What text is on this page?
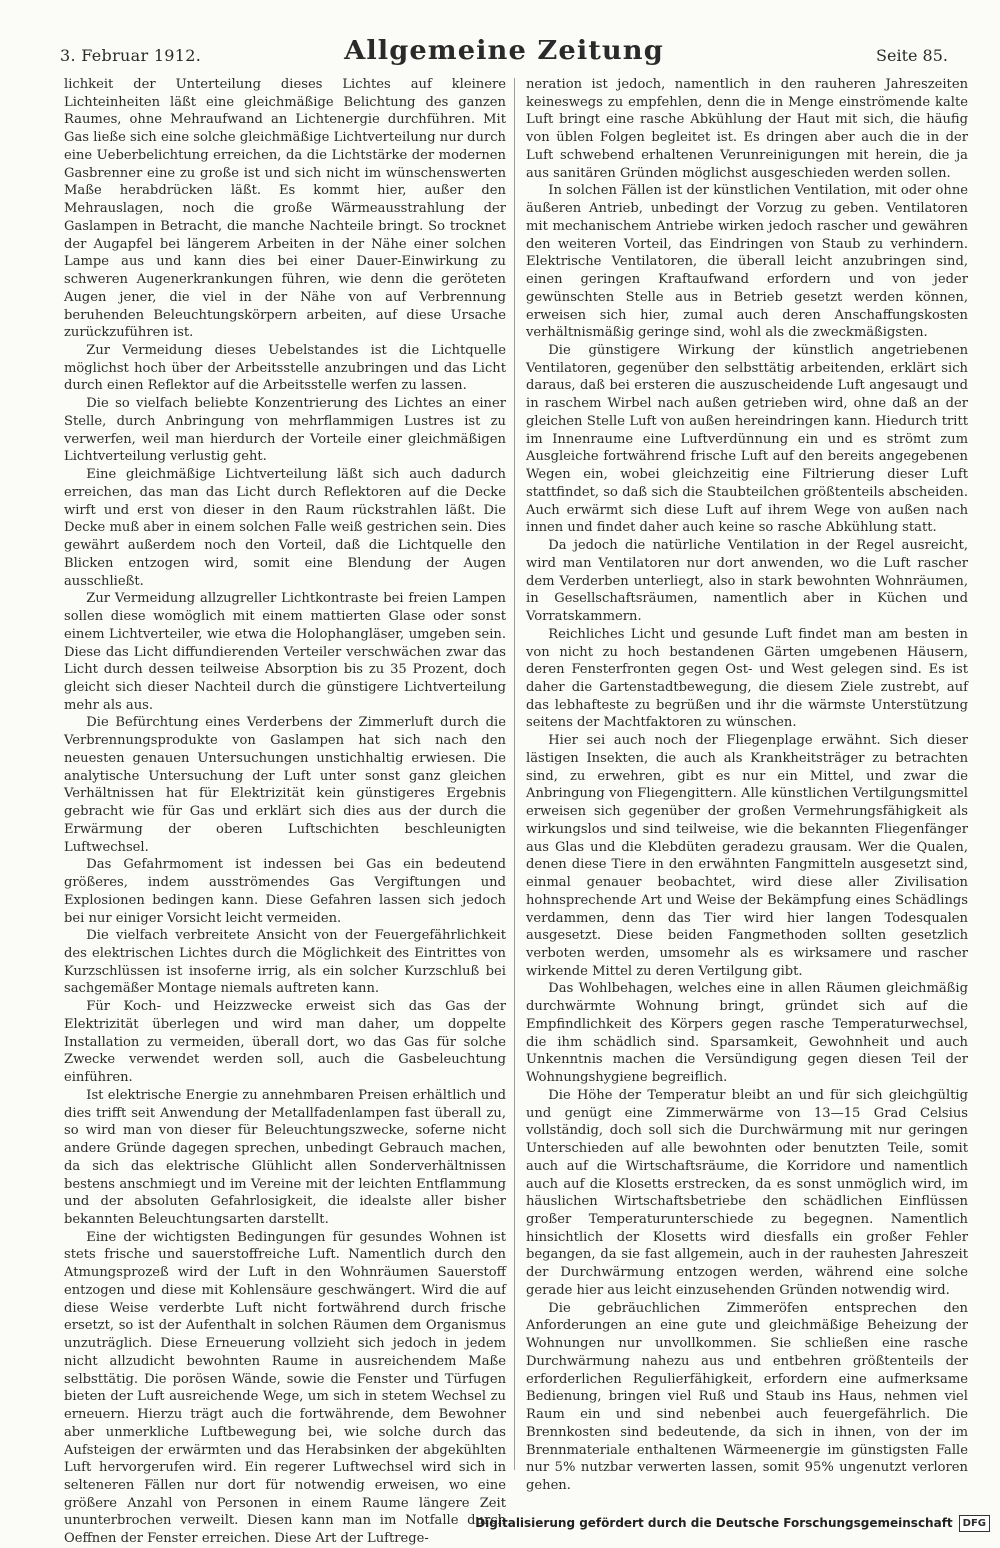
3. Februar 1912.	Allgemeine Zeitung	Seite 85.

lichkeit der Unterteilung dieses Lichtes auf kleinere Lichteinheiten läßt eine gleichmäßige Belichtung des ganzen Raumes, ohne Mehraufwand an Lichtenergie durchführen. Mit Gas ließe sich eine solche gleichmäßige Lichtverteilung nur durch eine Ueberbelichtung erreichen, da die Lichtstärke der modernen Gasbrenner eine zu große ist und sich nicht im wünschenswerten Maße herabdrücken läßt. Es kommt hier, außer den Mehrauslagen, noch die große Wärmeausstrahlung der Gaslampen in Betracht, die manche Nachteile bringt. So trocknet der Augapfel bei längerem Arbeiten in der Nähe einer solchen Lampe aus und kann dies bei einer Dauer-Einwirkung zu schweren Augenerkrankungen führen, wie denn die geröteten Augen jener, die viel in der Nähe von auf Verbrennung beruhenden Beleuchtungskörpern arbeiten, auf diese Ursache zurückzuführen ist.

Zur Vermeidung dieses Uebelstandes ist die Lichtquelle möglichst hoch über der Arbeitsstelle anzubringen und das Licht durch einen Reflektor auf die Arbeitsstelle werfen zu lassen.

Die so vielfach beliebte Konzentrierung des Lichtes an einer Stelle, durch Anbringung von mehrflammigen Lustres ist zu verwerfen, weil man hierdurch der Vorteile einer gleichmäßigen Lichtverteilung verlustig geht.

Eine gleichmäßige Lichtverteilung läßt sich auch dadurch erreichen, das man das Licht durch Reflektoren auf die Decke wirft und erst von dieser in den Raum rückstrahlen läßt. Die Decke muß aber in einem solchen Falle weiß gestrichen sein. Dies gewährt außerdem noch den Vorteil, daß die Lichtquelle den Blicken entzogen wird, somit eine Blendung der Augen ausschließt.

Zur Vermeidung allzugreller Lichtkontraste bei freien Lampen sollen diese womöglich mit einem mattierten Glase oder sonst einem Lichtverteiler, wie etwa die Holophangläser, umgeben sein. Diese das Licht diffundierenden Verteiler verschwächen zwar das Licht durch dessen teilweise Absorption bis zu 35 Prozent, doch gleicht sich dieser Nachteil durch die günstigere Lichtverteilung mehr als aus.

Die Befürchtung eines Verderbens der Zimmerluft durch die Verbrennungsprodukte von Gaslampen hat sich nach den neuesten genauen Untersuchungen unstichhaltig erwiesen. Die analytische Untersuchung der Luft unter sonst ganz gleichen Verhältnissen hat für Elektrizität kein günstigeres Ergebnis gebracht wie für Gas und erklärt sich dies aus der durch die Erwärmung der oberen Luftschichten beschleunigten Luftwechsel.

Das Gefahrmoment ist indessen bei Gas ein bedeutend größeres, indem ausströmendes Gas Vergiftungen und Explosionen bedingen kann. Diese Gefahren lassen sich jedoch bei nur einiger Vorsicht leicht vermeiden.

Die vielfach verbreitete Ansicht von der Feuergefährlichkeit des elektrischen Lichtes durch die Möglichkeit des Eintrittes von Kurzschlüssen ist insoferne irrig, als ein solcher Kurzschluß bei sachgemäßer Montage niemals auftreten kann.

Für Koch- und Heizzwecke erweist sich das Gas der Elektrizität überlegen und wird man daher, um doppelte Installation zu vermeiden, überall dort, wo das Gas für solche Zwecke verwendet werden soll, auch die Gasbeleuchtung einführen.

Ist elektrische Energie zu annehmbaren Preisen erhältlich und dies trifft seit Anwendung der Metallfadenlampen fast überall zu, so wird man von dieser für Beleuchtungszwecke, soferne nicht andere Gründe dagegen sprechen, unbedingt Gebrauch machen, da sich das elektrische Glühlicht allen Sonderverhältnissen bestens anschmiegt und im Vereine mit der leichten Entflammung und der absoluten Gefahrlosigkeit, die idealste aller bisher bekannten Beleuchtungsarten darstellt.

Eine der wichtigsten Bedingungen für gesundes Wohnen ist stets frische und sauerstoffreiche Luft. Namentlich durch den Atmungsprozeß wird der Luft in den Wohnräumen Sauerstoff entzogen und diese mit Kohlensäure geschwängert. Wird die auf diese Weise verderbte Luft nicht fortwährend durch frische ersetzt, so ist der Aufenthalt in solchen Räumen dem Organismus unzuträglich. Diese Erneuerung vollzieht sich jedoch in jedem nicht allzudicht bewohnten Raume in ausreichendem Maße selbsttätig. Die porösen Wände, sowie die Fenster und Türfugen bieten der Luft ausreichende Wege, um sich in stetem Wechsel zu erneuern. Hierzu trägt auch die fortwährende, dem Bewohner aber unmerkliche Luftbewegung bei, wie solche durch das Aufsteigen der erwärmten und das Herabsinken der abgekühlten Luft hervorgerufen wird. Ein regerer Luftwechsel wird sich in selteneren Fällen nur dort für notwendig erweisen, wo eine größere Anzahl von Personen in einem Raume längere Zeit ununterbrochen verweilt. Diesen kann man im Notfalle durch Oeffnen der Fenster erreichen. Diese Art der Luftrege-

neration ist jedoch, namentlich in den rauheren Jahreszeiten keineswegs zu empfehlen, denn die in Menge einströmende kalte Luft bringt eine rasche Abkühlung der Haut mit sich, die häufig von üblen Folgen begleitet ist. Es dringen aber auch die in der Luft schwebend erhaltenen Verunreinigungen mit herein, die ja aus sanitären Gründen möglichst ausgeschieden werden sollen.

In solchen Fällen ist der künstlichen Ventilation, mit oder ohne äußeren Antrieb, unbedingt der Vorzug zu geben. Ventilatoren mit mechanischem Antriebe wirken jedoch rascher und gewähren den weiteren Vorteil, das Eindringen von Staub zu verhindern. Elektrische Ventilatoren, die überall leicht anzubringen sind, einen geringen Kraftaufwand erfordern und von jeder gewünschten Stelle aus in Betrieb gesetzt werden können, erweisen sich hier, zumal auch deren Anschaffungskosten verhältnismäßig geringe sind, wohl als die zweckmäßigsten.

Die günstigere Wirkung der künstlich angetriebenen Ventilatoren, gegenüber den selbsttätig arbeitenden, erklärt sich daraus, daß bei ersteren die auszuscheidende Luft angesaugt und in raschem Wirbel nach außen getrieben wird, ohne daß an der gleichen Stelle Luft von außen hereindringen kann. Hiedurch tritt im Innenraume eine Luftverdünnung ein und es strömt zum Ausgleiche fortwährend frische Luft auf den bereits angegebenen Wegen ein, wobei gleichzeitig eine Filtrierung dieser Luft stattfindet, so daß sich die Staubteilchen größtenteils abscheiden. Auch erwärmt sich diese Luft auf ihrem Wege von außen nach innen und findet daher auch keine so rasche Abkühlung statt.

Da jedoch die natürliche Ventilation in der Regel ausreicht, wird man Ventilatoren nur dort anwenden, wo die Luft rascher dem Verderben unterliegt, also in stark bewohnten Wohnräumen, in Gesellschaftsräumen, namentlich aber in Küchen und Vorratskammern.

Reichliches Licht und gesunde Luft findet man am besten in von nicht zu hoch bestandenen Gärten umgebenen Häusern, deren Fensterfronten gegen Ost- und West gelegen sind. Es ist daher die Gartenstadtbewegung, die diesem Ziele zustrebt, auf das lebhafteste zu begrüßen und ihr die wärmste Unterstützung seitens der Machtfaktoren zu wünschen.

Hier sei auch noch der Fliegenplage erwähnt. Sich dieser lästigen Insekten, die auch als Krankheitsträger zu betrachten sind, zu erwehren, gibt es nur ein Mittel, und zwar die Anbringung von Fliegengittern. Alle künstlichen Vertilgungsmittel erweisen sich gegenüber der großen Vermehrungsfähigkeit als wirkungslos und sind teilweise, wie die bekannten Fliegenfänger aus Glas und die Klebdüten geradezu grausam. Wer die Qualen, denen diese Tiere in den erwähnten Fangmitteln ausgesetzt sind, einmal genauer beobachtet, wird diese aller Zivilisation hohnsprechende Art und Weise der Bekämpfung eines Schädlings verdammen, denn das Tier wird hier langen Todesqualen ausgesetzt. Diese beiden Fangmethoden sollten gesetzlich verboten werden, umsomehr als es wirksamere und rascher wirkende Mittel zu deren Vertilgung gibt.

Das Wohlbehagen, welches eine in allen Räumen gleichmäßig durchwärmte Wohnung bringt, gründet sich auf die Empfindlichkeit des Körpers gegen rasche Temperaturwechsel, die ihm schädlich sind. Sparsamkeit, Gewohnheit und auch Unkenntnis machen die Versündigung gegen diesen Teil der Wohnungshygiene begreiflich.

Die Höhe der Temperatur bleibt an und für sich gleichgültig und genügt eine Zimmerwärme von 13—15 Grad Celsius vollständig, doch soll sich die Durchwärmung mit nur geringen Unterschieden auf alle bewohnten oder benutzten Teile, somit auch auf die Wirtschaftsräume, die Korridore und namentlich auch auf die Klosetts erstrecken, da es sonst unmöglich wird, im häuslichen Wirtschaftsbetriebe den schädlichen Einflüssen großer Temperaturunterschiede zu begegnen. Namentlich hinsichtlich der Klosetts wird diesfalls ein großer Fehler begangen, da sie fast allgemein, auch in der rauhesten Jahreszeit der Durchwärmung entzogen werden, während eine solche gerade hier aus leicht einzusehenden Gründen notwendig wird.

Die gebräuchlichen Zimmeröfen entsprechen den Anforderungen an eine gute und gleichmäßige Beheizung der Wohnungen nur unvollkommen. Sie schließen eine rasche Durchwärmung nahezu aus und entbehren größtenteils der erforderlichen Regulierfähigkeit, erfordern eine aufmerksame Bedienung, bringen viel Ruß und Staub ins Haus, nehmen viel Raum ein und sind nebenbei auch feuergefährlich. Die Brennkosten sind bedeutende, da sich in ihnen, von der im Brennmateriale enthaltenen Wärmeenergie im günstigsten Falle nur 5% nutzbar verwerten lassen, somit 95% ungenutzt verloren gehen.

Digitalisierung gefördert durch die Deutsche Forschungsgemeinschaft	DFG
